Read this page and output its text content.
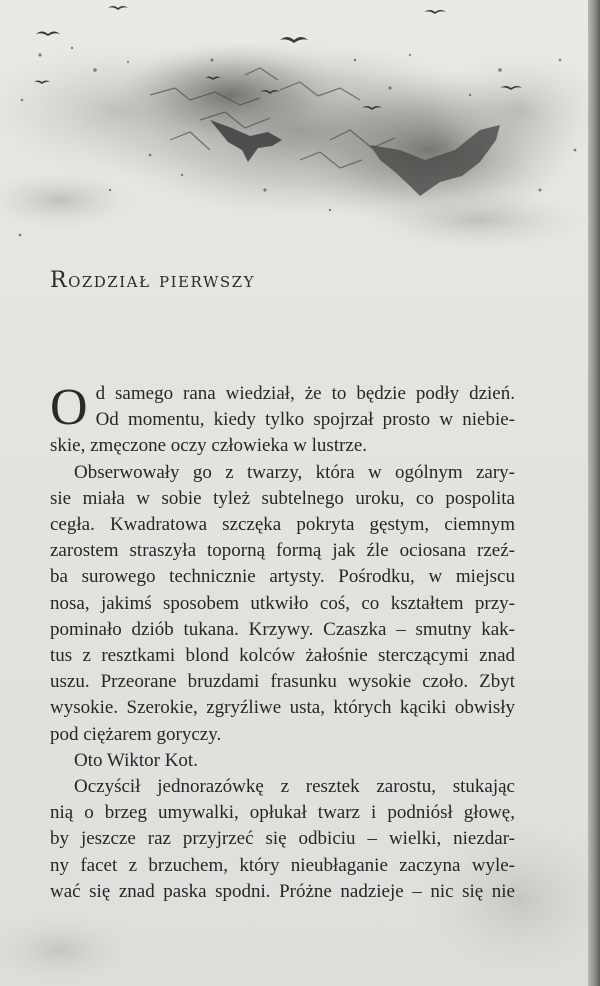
Rozdział pierwszy
O d samego rana wiedział, że to będzie podły dzień.

Od momentu, kiedy tylko spojrzał prosto w niebie-

skie, zmęczone oczy człowieka w lustrze.

Obserwowały go z twarzy, która w ogólnym zary-

sie miała w sobie tyleż subtelnego uroku, co pospolita

cegła. Kwadratowa szczęka pokryta gęstym, ciemnym

zarostem straszyła toporną formą jak źle ociosana rzeź-

ba surowego technicznie artysty. Pośrodku, w miejscu

nosa, jakimś sposobem utkwiło coś, co kształtem przy-

pominało dziób tukana. Krzywy. Czaszka – smutny kak-

tus z resztkami blond kolców żałośnie sterczącymi znad

uszu. Przeorane bruzdami frasunku wysokie czoło. Zbyt

wysokie. Szerokie, zgryźliwe usta, których kąciki obwisły

pod ciężarem goryczy.

Oto Wiktor Kot.

Oczyścił jednorazówkę z resztek zarostu, stukając

nią o brzeg umywalki, opłukał twarz i podniósł głowę,

by jeszcze raz przyjrzeć się odbiciu – wielki, niezdar-

ny facet z brzuchem, który nieubłaganie zaczyna wyle-

wać się znad paska spodni. Próżne nadzieje – nic się nie
